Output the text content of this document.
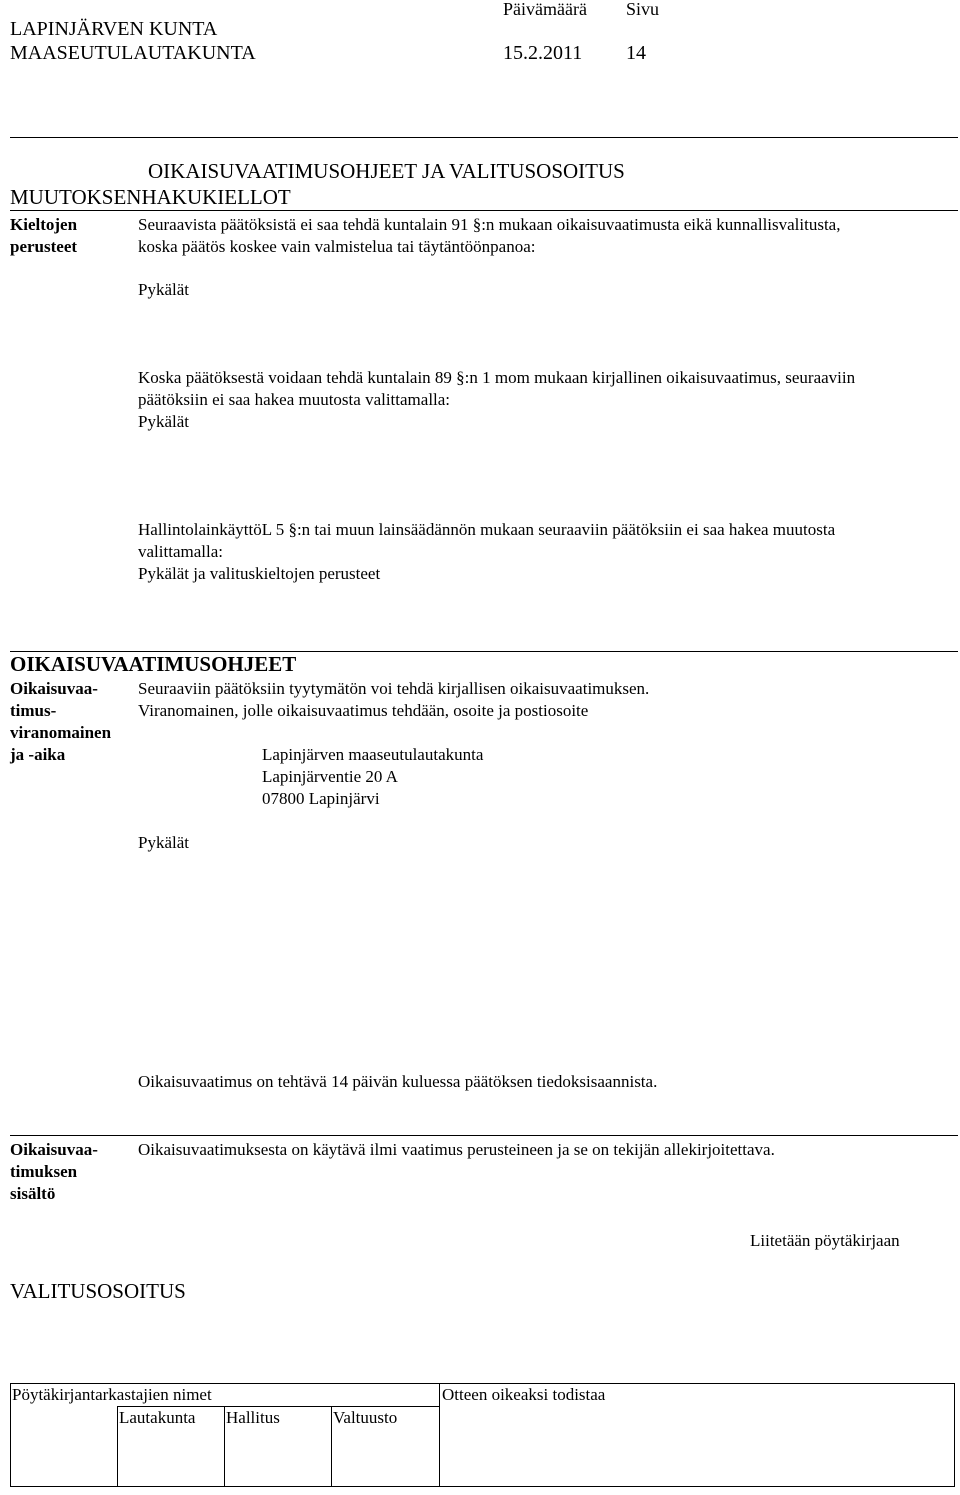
LAPINJÄRVEN KUNTA
MAASEUTULAUTAKUNTA
Päivämäärä Sivu
15.2.2011 14
OIKAISUVAATIMUSOHJEET JA VALITUSOSOITUS
MUUTOKSENHAKUKIELLOT
Kieltojen
perusteet
Seuraavista päätöksistä ei saa tehdä kuntalain 91 §:n mukaan oikaisuvaatimusta eikä kunnallisvalitusta,
koska päätös koskee vain valmistelua tai täytäntöönpanoa:
Pykälät
Koska päätöksestä voidaan tehdä kuntalain 89 §:n 1 mom mukaan kirjallinen oikaisuvaatimus, seuraaviin
päätöksiin ei saa hakea muutosta valittamalla:
Pykälät
HallintolainkäyttöL 5 §:n tai muun lainsäädännön mukaan seuraaviin päätöksiin ei saa hakea muutosta
valittamalla:
Pykälät ja valituskieltojen perusteet
OIKAISUVAATIMUSOHJEET
Oikaisuvaa-
timus-
viranomainen
ja -aika
Seuraaviin päätöksiin tyytymätön voi tehdä kirjallisen oikaisuvaatimuksen.
Viranomainen, jolle oikaisuvaatimus tehdään, osoite ja postiosoite
Lapinjärven maaseutulautakunta
Lapinjärventie 20 A
07800 Lapinjärvi
Pykälät
Oikaisuvaatimus on tehtävä 14 päivän kuluessa päätöksen tiedoksisaannista.
Oikaisuvaa-
timuksen
sisältö
Oikaisuvaatimuksesta on käytävä ilmi vaatimus perusteineen ja se on tekijän allekirjoitettava.
Liitetään pöytäkirjaan
VALITUSOSOITUS
Pöytäkirjantarkastajien nimet	Otteen oikeaksi todistaa
Lautakunta Hallitus	Valtuusto
